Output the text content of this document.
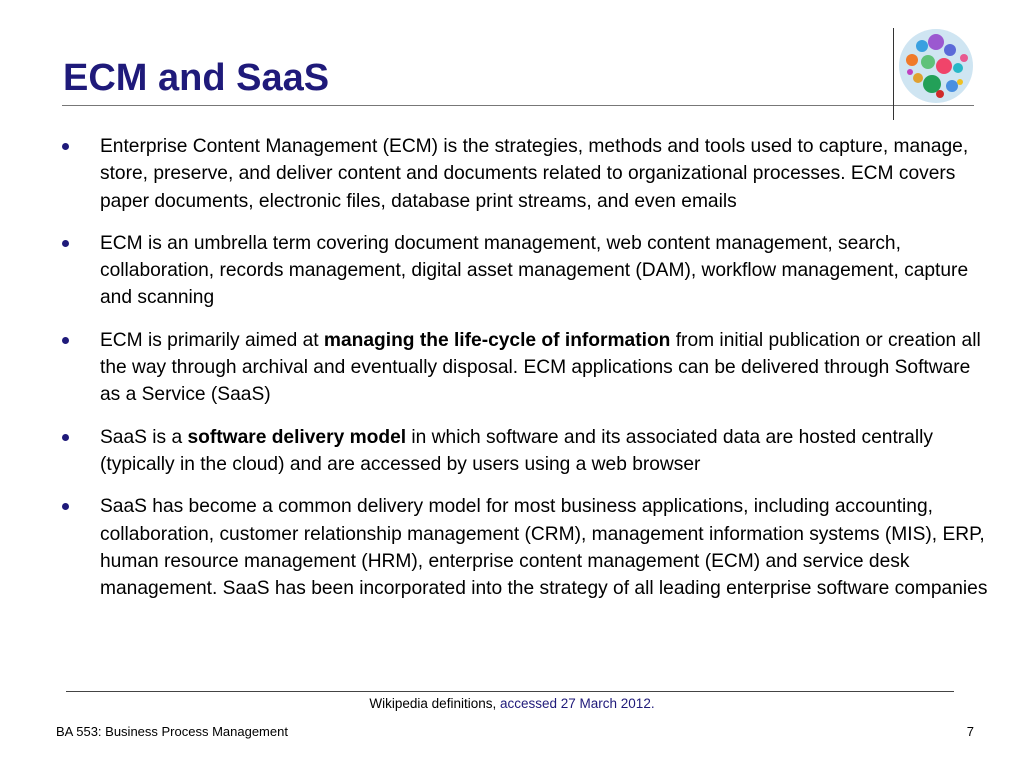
ECM and SaaS
Enterprise Content Management (ECM) is the strategies, methods and tools used to capture, manage, store, preserve, and deliver content and documents related to organizational processes. ECM covers paper documents, electronic files, database print streams, and even emails
ECM is an umbrella term covering document management, web content management, search, collaboration, records management, digital asset management (DAM), workflow management, capture and scanning
ECM is primarily aimed at managing the life-cycle of information from initial publication or creation all the way through archival and eventually disposal. ECM applications can be delivered through Software as a Service (SaaS)
SaaS is a software delivery model in which software and its associated data are hosted centrally (typically in the cloud) and are accessed by users using a web browser
SaaS has become a common delivery model for most business applications, including accounting, collaboration, customer relationship management (CRM), management information systems (MIS), ERP, human resource management (HRM), enterprise content management (ECM) and service desk management. SaaS has been incorporated into the strategy of all leading enterprise software companies
Wikipedia definitions, accessed 27 March 2012.
BA 553: Business Process Management	7
